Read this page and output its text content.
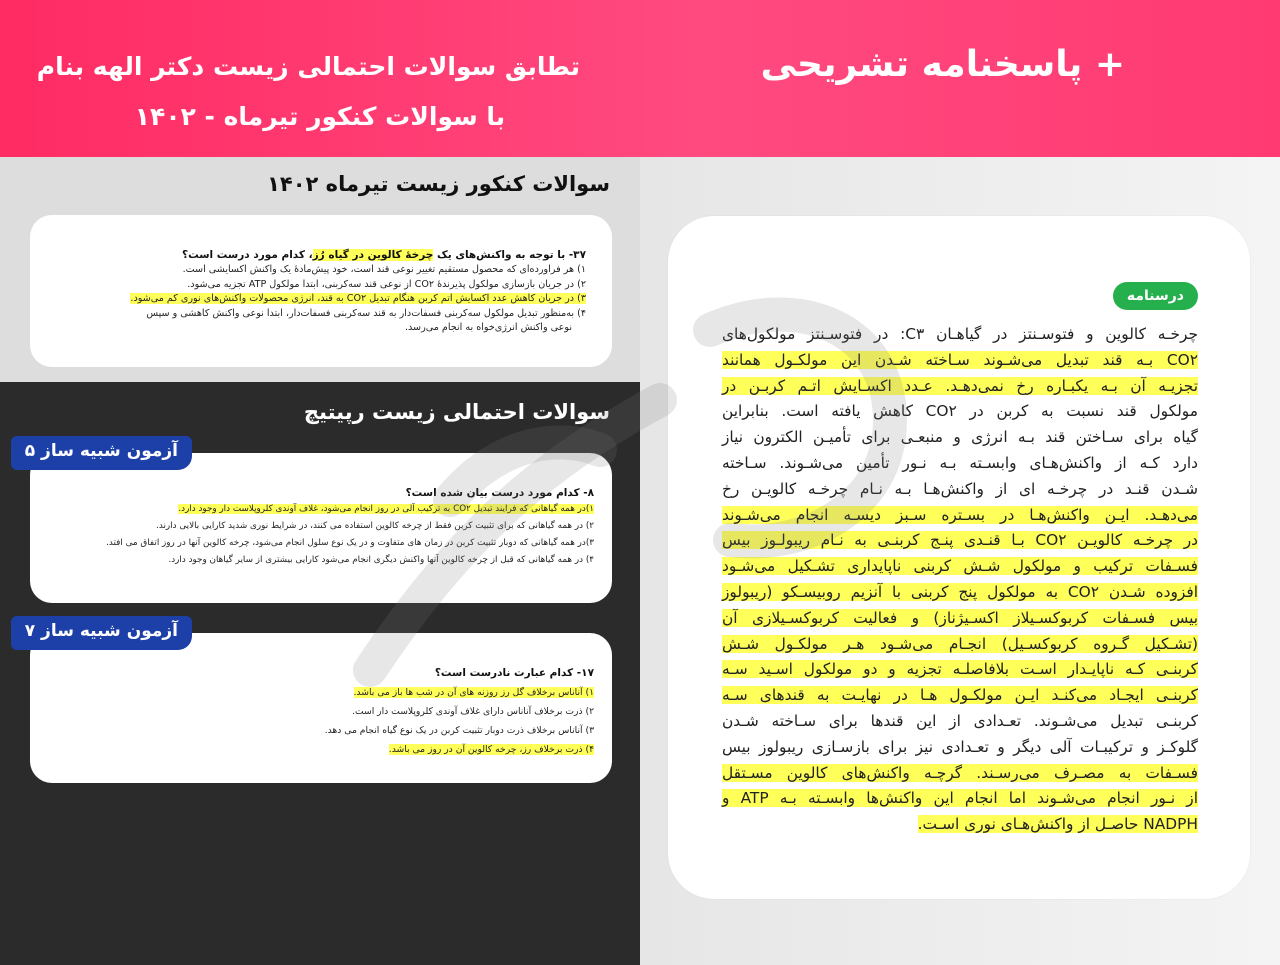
+ پاسخنامه تشریحی
تطابق سوالات احتمالی زیست دکتر الهه بنام
با سوالات کنکور تیرماه - ۱۴۰۲
سوالات کنکور زیست تیرماه ۱۴۰۲
۳۷- با توجه به واکنش‌های یک چرخهٔ کالوین در گیاه رُز، کدام مورد درست است؟
۱) هر فراورده‌ای که محصول مستقیم تغییر نوعی قند است، خود پیش‌مادهٔ یک واکنش اکسایشی است.
۲) در جریان بازسازی مولکول پذیرندهٔ CO۲ از نوعی قند سه‌کربنی، ابتدا مولکول ATP تجزیه می‌شود.
۳) در جریان کاهش عدد اکسایش اتم کربن هنگام تبدیل CO۲ به قند، انرژی محصولات واکنش‌های نوری کم می‌شود.
۴) به‌منظور تبدیل مولکول سه‌کربنی فسفات‌دار به قند سه‌کربنی فسفات‌دار، ابتدا نوعی واکنش کاهشی و سپس
نوعی واکنش انرژی‌خواه به انجام می‌رسد.
سوالات احتمالی زیست رپیتیچ
۸- کدام مورد درست بیان شده است؟
۱)در همه گیاهانی که فرایند تبدیل CO۲ به ترکیب آلی در روز انجام می‌شود، غلاف آوندی کلروپلاست دار وجود دارد.
۲) در همه گیاهانی که برای تثبیت کربن فقط از چرخه کالوین استفاده می کنند، در شرایط نوری شدید کارایی بالایی دارند.
۳)در همه گیاهانی که دوبار تثبیت کربن در زمان های متفاوت و در یک نوع سلول انجام می‌شود، چرخه کالوین آنها در روز اتفاق می افتد.
۴) در همه گیاهانی که قبل از چرخه کالوین آنها واکنش دیگری انجام می‌شود کارایی بیشتری از سایر گیاهان وجود دارد.
آزمون شبیه ساز ۵
۱۷- کدام عبارت نادرست است؟
۱) آناناس برخلاف گل رز روزنه های آن در شب ها باز می باشد.
۲) ذرت برخلاف آناناس دارای غلاف آوندی کلروپلاست دار است.
۳) آناناس برخلاف ذرت دوبار تثبیت کربن در یک نوع گیاه انجام می دهد.
۴) ذرت برخلاف رز، چرخه کالوین آن در روز می باشد.
آزمون شبیه ساز ۷
درسنامه
چرخـه کالوین و فتوسـنتز در گیاهـان C۳: در فتوسـنتز مولکول‌های
CO۲ بـه قند تبدیل می‌شـوند سـاخته شـدن این مولکـول همانند
تجزیـه آن بـه یکبـاره رخ نمی‌دهـد. عـدد اکسـایش اتـم کربـن در
مولکول قند نسبت به کربن در CO۲ کاهش یافته است. بنابراین
گیاه برای سـاختن قند بـه انرژی و منبعـی برای تأمیـن الکترون نیاز
دارد کـه از واکنش‌هـای وابسـته بـه نـور تأمین می‌شـوند. سـاخته
شـدن قنـد در چرخـه ای از واکنش‌هـا بـه نـام چرخـه کالویـن رخ
می‌دهـد. ایـن واکنش‌هـا در بسـتره سـبز دیسـه انجام می‌شـوند
در چرخـه کالویـن CO۲ بـا قنـدی پنـج کربنـی به نـام ریبولـوز بیس
فسـفات ترکیب و مولکول شـش کربنی ناپایداری تشـکیل می‌شـود
افزوده شـدن CO۲ به مولکول پنج کربنی با آنزیم روبیسـکو (ریبولوز
بیس فسـفات کربوکسـیلاز اکسـیژناز) و فعالیت کربوکسـیلازی آن
(تشـکیل گـروه کربوکسـیل) انجـام می‌شـود هـر مولکـول شـش
کربنـی کـه ناپایـدار اسـت بلافاصلـه تجزیه و دو مولکول اسـید سـه
کربنـی ایجـاد می‌کنـد ایـن مولکـول هـا در نهایـت به قندهای سـه
کربنـی تبدیل می‌شـوند. تعـدادی از این قندها برای سـاخته شـدن
گلوکـز و ترکیبـات آلی دیگر و تعـدادی نیز برای بازسـازی ریبولوز بیس
فسـفات به مصـرف می‌رسـند. گرچـه واکنش‌های کالوین مسـتقل
از نـور انجام می‌شـوند اما انجام این واکنش‌ها وابسـته بـه ATP و
NADPH حاصـل از واکنش‌هـای نوری اسـت.
